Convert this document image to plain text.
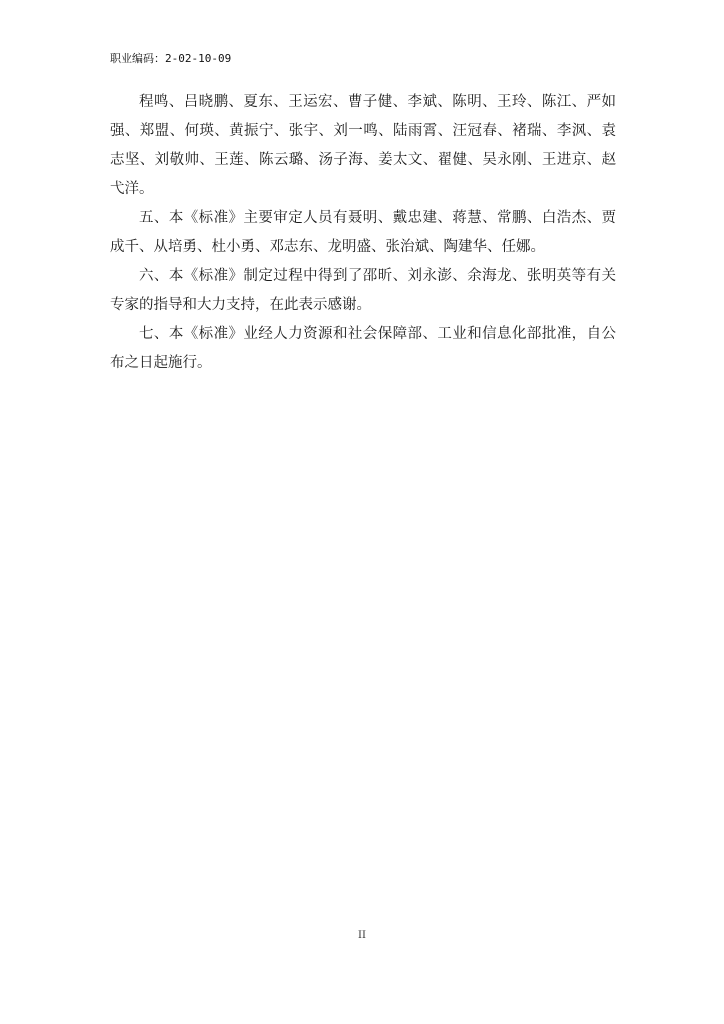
职业编码：2-02-10-09

程鸣、吕晓鹏、夏东、王运宏、曹子健、李斌、陈明、王玲、陈江、严如强、郑盟、何瑛、黄振宁、张宇、刘一鸣、陆雨霄、汪冠春、褚瑞、李沨、袁志坚、刘敬帅、王莲、陈云璐、汤子海、姜太文、翟健、吴永刚、王进京、赵弋洋。

五、本《标准》主要审定人员有聂明、戴忠建、蒋慧、常鹏、白浩杰、贾成千、从培勇、杜小勇、邓志东、龙明盛、张治斌、陶建华、任娜。

六、本《标准》制定过程中得到了邵昕、刘永澎、余海龙、张明英等有关专家的指导和大力支持，在此表示感谢。

七、本《标准》业经人力资源和社会保障部、工业和信息化部批准，自公布之日起施行。

II
